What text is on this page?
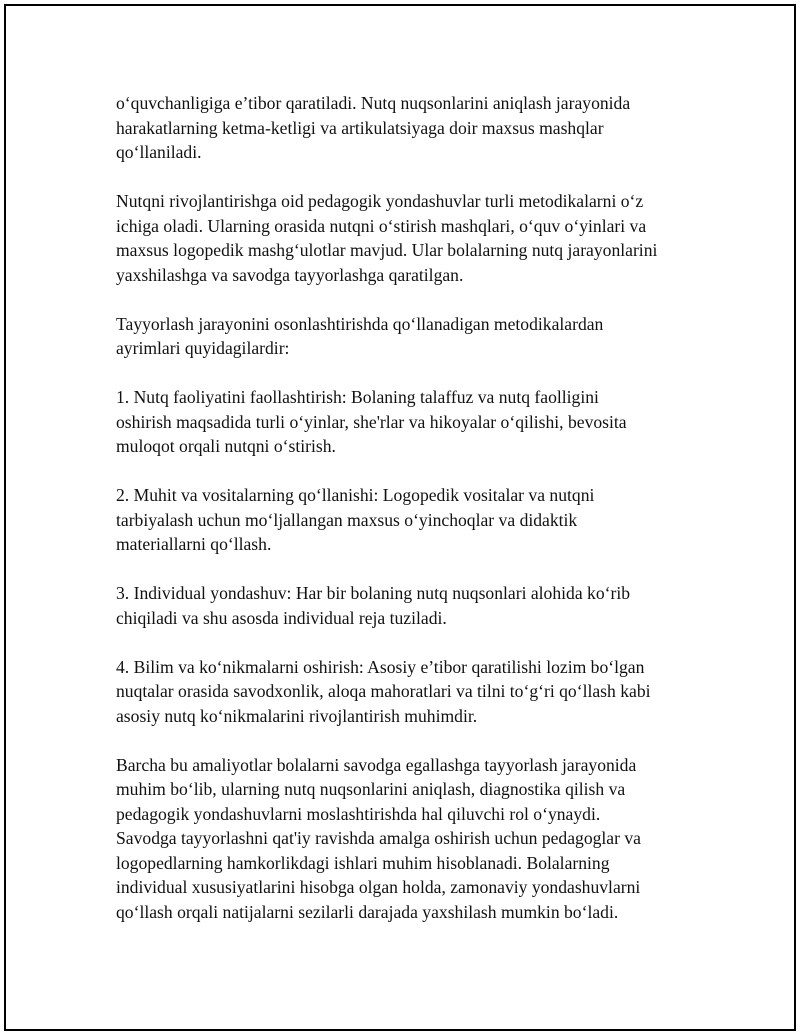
o‘quvchanligiga e’tibor qaratiladi. Nutq nuqsonlarini aniqlash jarayonida
harakatlarning ketma-ketligi va artikulatsiyaga doir maxsus mashqlar
qo‘llaniladi.
Nutqni rivojlantirishga oid pedagogik yondashuvlar turli metodikalarni o‘z
ichiga oladi. Ularning orasida nutqni o‘stirish mashqlari, o‘quv o‘yinlari va
maxsus logopedik mashg‘ulotlar mavjud. Ular bolalarning nutq jarayonlarini
yaxshilashga va savodga tayyorlashga qaratilgan.
Tayyorlash jarayonini osonlashtirishda qo‘llanadigan metodikalardan
ayrimlari quyidagilardir:
1. Nutq faoliyatini faollashtirish: Bolaning talaffuz va nutq faolligini
oshirish maqsadida turli o‘yinlar, she'rlar va hikoyalar o‘qilishi, bevosita
muloqot orqali nutqni o‘stirish.
2. Muhit va vositalarning qo‘llanishi: Logopedik vositalar va nutqni
tarbiyalash uchun mo‘ljallangan maxsus o‘yinchoqlar va didaktik
materiallarni qo‘llash.
3. Individual yondashuv: Har bir bolaning nutq nuqsonlari alohida ko‘rib
chiqiladi va shu asosda individual reja tuziladi.
4. Bilim va ko‘nikmalarni oshirish: Asosiy e’tibor qaratilishi lozim bo‘lgan
nuqtalar orasida savodxonlik, aloqa mahoratlari va tilni to‘g‘ri qo‘llash kabi
asosiy nutq ko‘nikmalarini rivojlantirish muhimdir.
Barcha bu amaliyotlar bolalarni savodga egallashga tayyorlash jarayonida
muhim bo‘lib, ularning nutq nuqsonlarini aniqlash, diagnostika qilish va
pedagogik yondashuvlarni moslashtirishda hal qiluvchi rol o‘ynaydi.
Savodga tayyorlashni qat'iy ravishda amalga oshirish uchun pedagoglar va
logopedlarning hamkorlikdagi ishlari muhim hisoblanadi. Bolalarning
individual xususiyatlarini hisobga olgan holda, zamonaviy yondashuvlarni
qo‘llash orqali natijalarni sezilarli darajada yaxshilash mumkin bo‘ladi.
